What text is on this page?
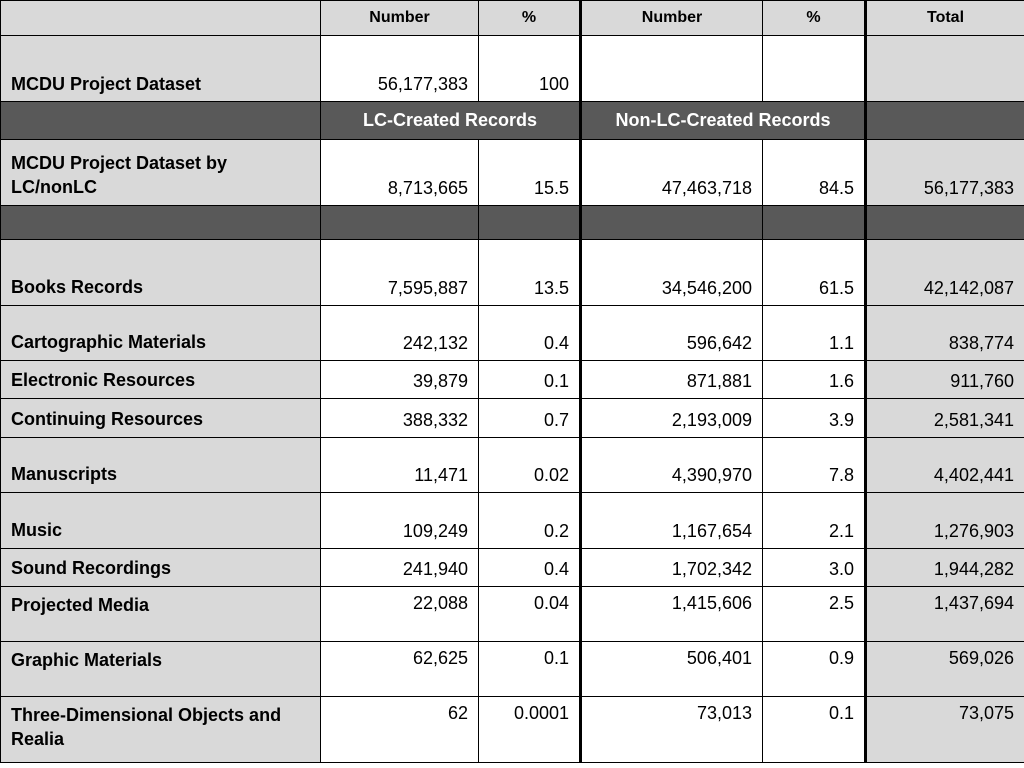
	Number	%	Number	%	Total
MCDU Project Dataset	56,177,383	100			
	LC-Created Records		Non-LC-Created Records		
MCDU Project Dataset by LC/nonLC	8,713,665	15.5	47,463,718	84.5	56,177,383

Books Records	7,595,887	13.5	34,546,200	61.5	42,142,087
Cartographic Materials	242,132	0.4	596,642	1.1	838,774
Electronic Resources	39,879	0.1	871,881	1.6	911,760
Continuing Resources	388,332	0.7	2,193,009	3.9	2,581,341
Manuscripts	11,471	0.02	4,390,970	7.8	4,402,441
Music	109,249	0.2	1,167,654	2.1	1,276,903
Sound Recordings	241,940	0.4	1,702,342	3.0	1,944,282
Projected Media	22,088	0.04	1,415,606	2.5	1,437,694
Graphic Materials	62,625	0.1	506,401	0.9	569,026
Three-Dimensional Objects and Realia	62	0.0001	73,013	0.1	73,075
